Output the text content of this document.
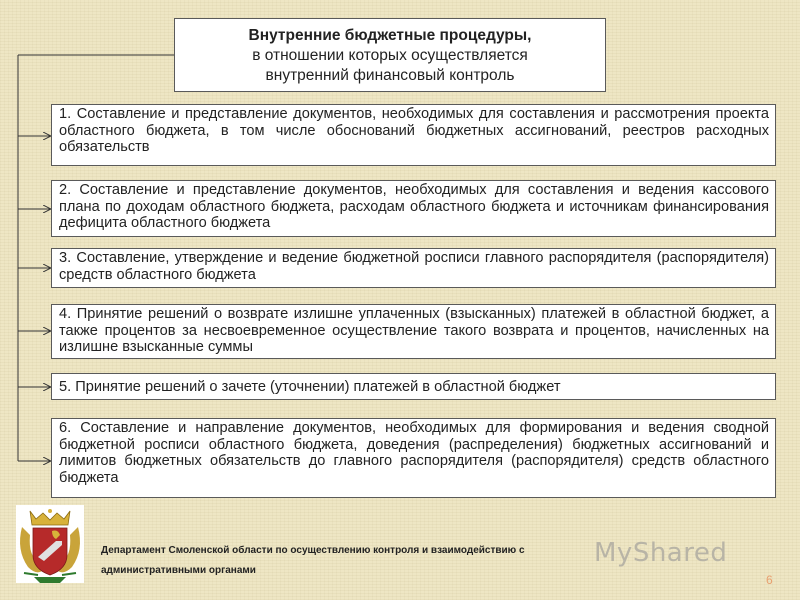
Внутренние бюджетные процедуры,
в отношении которых осуществляется
внутренний финансовый контроль
1. Составление и представление документов, необходимых для составления и рассмотрения проекта областного бюджета, в том числе обоснований бюджетных ассигнований, реестров расходных обязательств
2. Составление и представление документов, необходимых для составления и ведения кассового плана по доходам областного бюджета, расходам областного бюджета и источникам финансирования дефицита областного бюджета
3. Составление, утверждение и ведение бюджетной росписи главного распорядителя (распорядителя) средств областного бюджета
4. Принятие решений о возврате излишне уплаченных (взысканных) платежей в областной бюджет, а также процентов за несвоевременное осуществление такого возврата и процентов, начисленных на излишне взысканные суммы
5. Принятие решений о зачете (уточнении) платежей в областной бюджет
6. Составление и направление документов, необходимых для формирования и ведения сводной бюджетной росписи областного бюджета, доведения (распределения) бюджетных ассигнований и лимитов бюджетных обязательств до главного распорядителя (распорядителя) средств областного бюджета
Департамент Смоленской области по осуществлению контроля и взаимодействию с
административными органами
MyShared
6
